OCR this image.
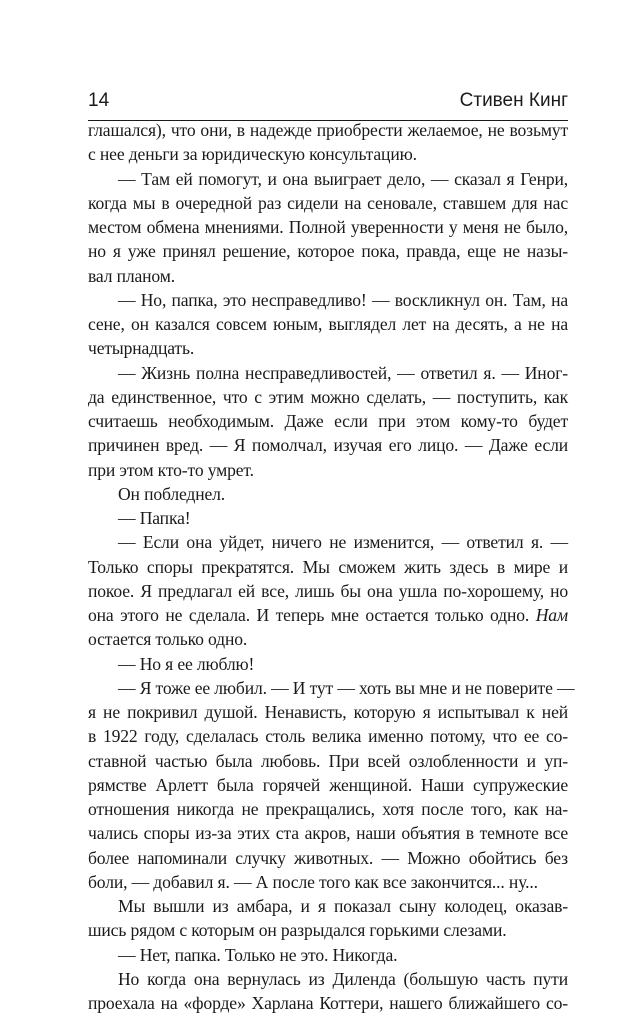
14	Стивен Кинг
глашался), что они, в надежде приобрести желаемое, не возьмут
с нее деньги за юридическую консультацию.
— Там ей помогут, и она выиграет дело, — сказал я Генри,
когда мы в очередной раз сидели на сеновале, ставшем для нас
местом обмена мнениями. Полной уверенности у меня не было,
но я уже принял решение, которое пока, правда, еще не назы-
вал планом.
— Но, папка, это несправедливо! — воскликнул он. Там, на
сене, он казался совсем юным, выглядел лет на десять, а не на
четырнадцать.
— Жизнь полна несправедливостей, — ответил я. — Иног-
да единственное, что с этим можно сделать, — поступить, как
считаешь необходимым. Даже если при этом кому-то будет
причинен вред. — Я помолчал, изучая его лицо. — Даже если
при этом кто-то умрет.
Он побледнел.
— Папка!
— Если она уйдет, ничего не изменится, — ответил я. —
Только споры прекратятся. Мы сможем жить здесь в мире и
покое. Я предлагал ей все, лишь бы она ушла по-хорошему, но
она этого не сделала. И теперь мне остается только одно. Нам
остается только одно.
— Но я ее люблю!
— Я тоже ее любил. — И тут — хоть вы мне и не поверите —
я не покривил душой. Ненависть, которую я испытывал к ней
в 1922 году, сделалась столь велика именно потому, что ее со-
ставной частью была любовь. При всей озлобленности и уп-
рямстве Арлетт была горячей женщиной. Наши супружеские
отношения никогда не прекращались, хотя после того, как на-
чались споры из-за этих ста акров, наши объятия в темноте все
более напоминали случку животных. — Можно обойтись без
боли, — добавил я. — А после того как все закончится... ну...
Мы вышли из амбара, и я показал сыну колодец, оказав-
шись рядом с которым он разрыдался горькими слезами.
— Нет, папка. Только не это. Никогда.
Но когда она вернулась из Диленда (большую часть пути
проехала на «форде» Харлана Коттери, нашего ближайшего со-
